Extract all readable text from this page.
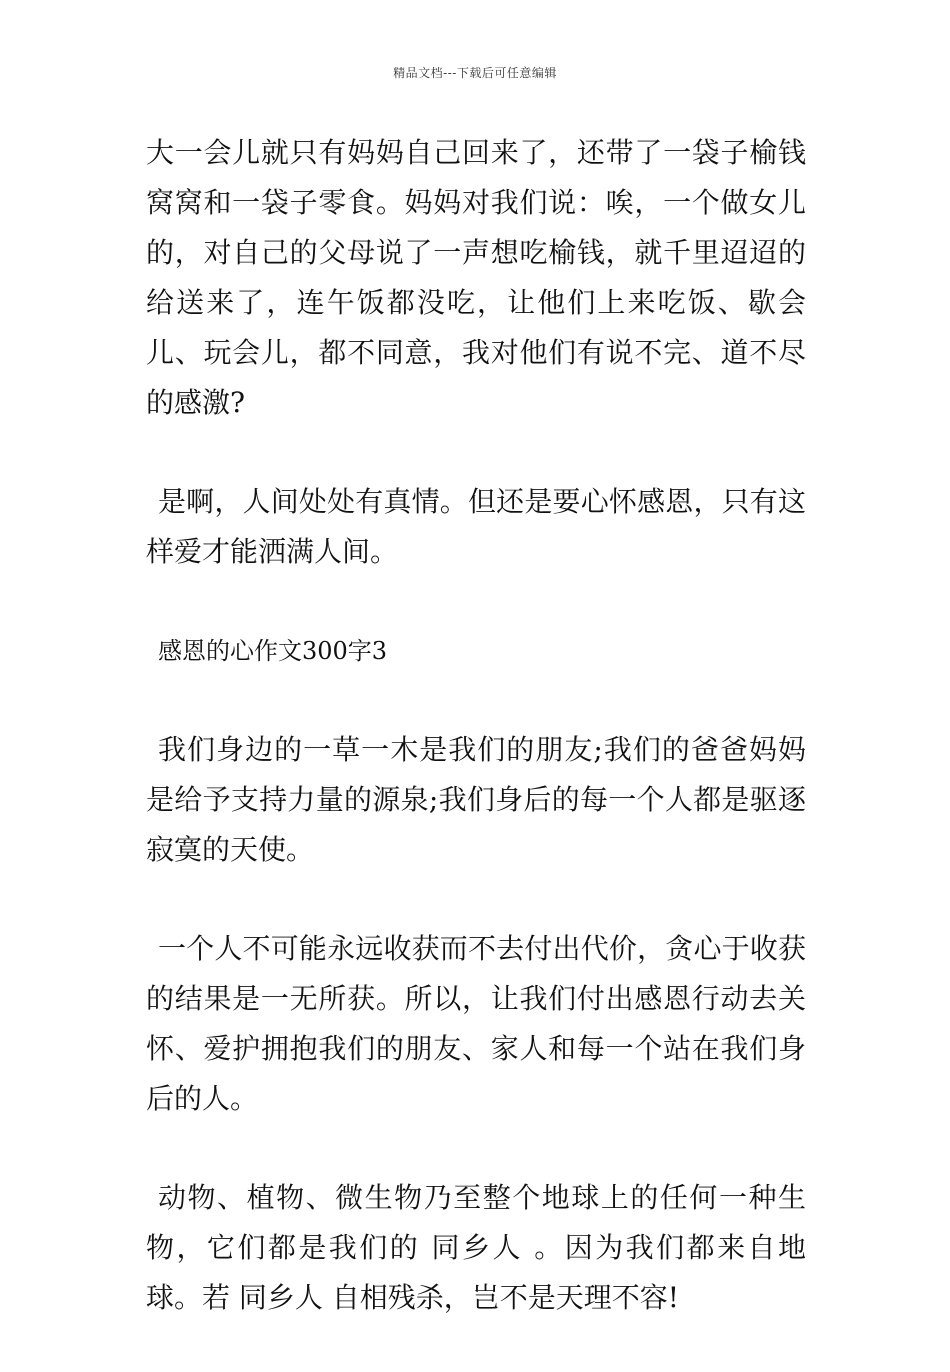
精品文档---下载后可任意编辑

大一会儿就只有妈妈自己回来了，还带了一袋子榆钱窝窝和一袋子零食。妈妈对我们说：唉，一个做女儿的，对自己的父母说了一声想吃榆钱，就千里迢迢的给送来了，连午饭都没吃，让他们上来吃饭、歇会儿、玩会儿，都不同意，我对他们有说不完、道不尽的感激?

是啊，人间处处有真情。但还是要心怀感恩，只有这样爱才能洒满人间。

感恩的心作文300字3

我们身边的一草一木是我们的朋友;我们的爸爸妈妈是给予支持力量的源泉;我们身后的每一个人都是驱逐寂寞的天使。

一个人不可能永远收获而不去付出代价，贪心于收获的结果是一无所获。所以，让我们付出感恩行动去关怀、爱护拥抱我们的朋友、家人和每一个站在我们身后的人。

动物、植物、微生物乃至整个地球上的任何一种生物，它们都是我们的 同乡人 。因为我们都来自地球。若 同乡人 自相残杀，岂不是天理不容!
